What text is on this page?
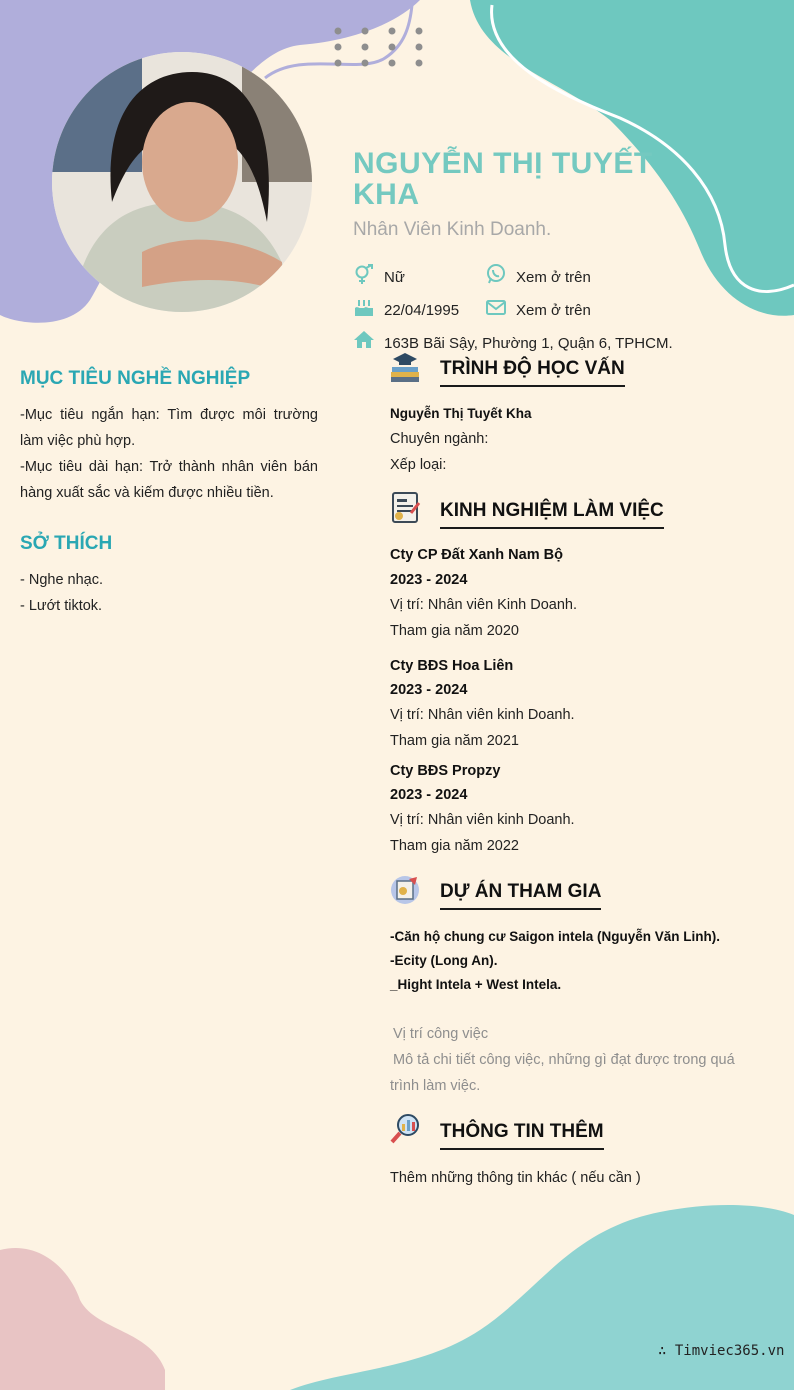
NGUYỄN THỊ TUYẾT KHA
Nhân Viên Kinh Doanh.
Nữ	Xem ở trên
22/04/1995	Xem ở trên
163B Bãi Sậy, Phường 1, Quận 6, TPHCM.
MỤC TIÊU NGHỀ NGHIỆP
-Mục tiêu ngắn hạn: Tìm được môi trường làm việc phù hợp.
-Mục tiêu dài hạn: Trở thành nhân viên bán hàng xuất sắc và kiếm được nhiều tiền.
SỞ THÍCH
- Nghe nhạc.
- Lướt tiktok.
TRÌNH ĐỘ HỌC VẤN
Nguyễn Thị Tuyết Kha
Chuyên ngành:
Xếp loại:
KINH NGHIỆM LÀM VIỆC
Cty CP Đất Xanh Nam Bộ
2023 - 2024
Vị trí: Nhân viên Kinh Doanh.
Tham gia năm 2020
Cty BĐS Hoa Liên
2023 - 2024
Vị trí: Nhân viên kinh Doanh.
Tham gia năm 2021
Cty BĐS Propzy
2023 - 2024
Vị trí: Nhân viên kinh Doanh.
Tham gia năm 2022
DỰ ÁN THAM GIA
-Căn hộ chung cư Saigon intela (Nguyễn Văn Linh).
-Ecity (Long An).
_Hight Intela + West Intela.
Vị trí công việc
Mô tả chi tiết công việc, những gì đạt được trong quá
trình làm việc.
THÔNG TIN THÊM
Thêm những thông tin khác ( nếu cần )
∴ Timviec365.vn
